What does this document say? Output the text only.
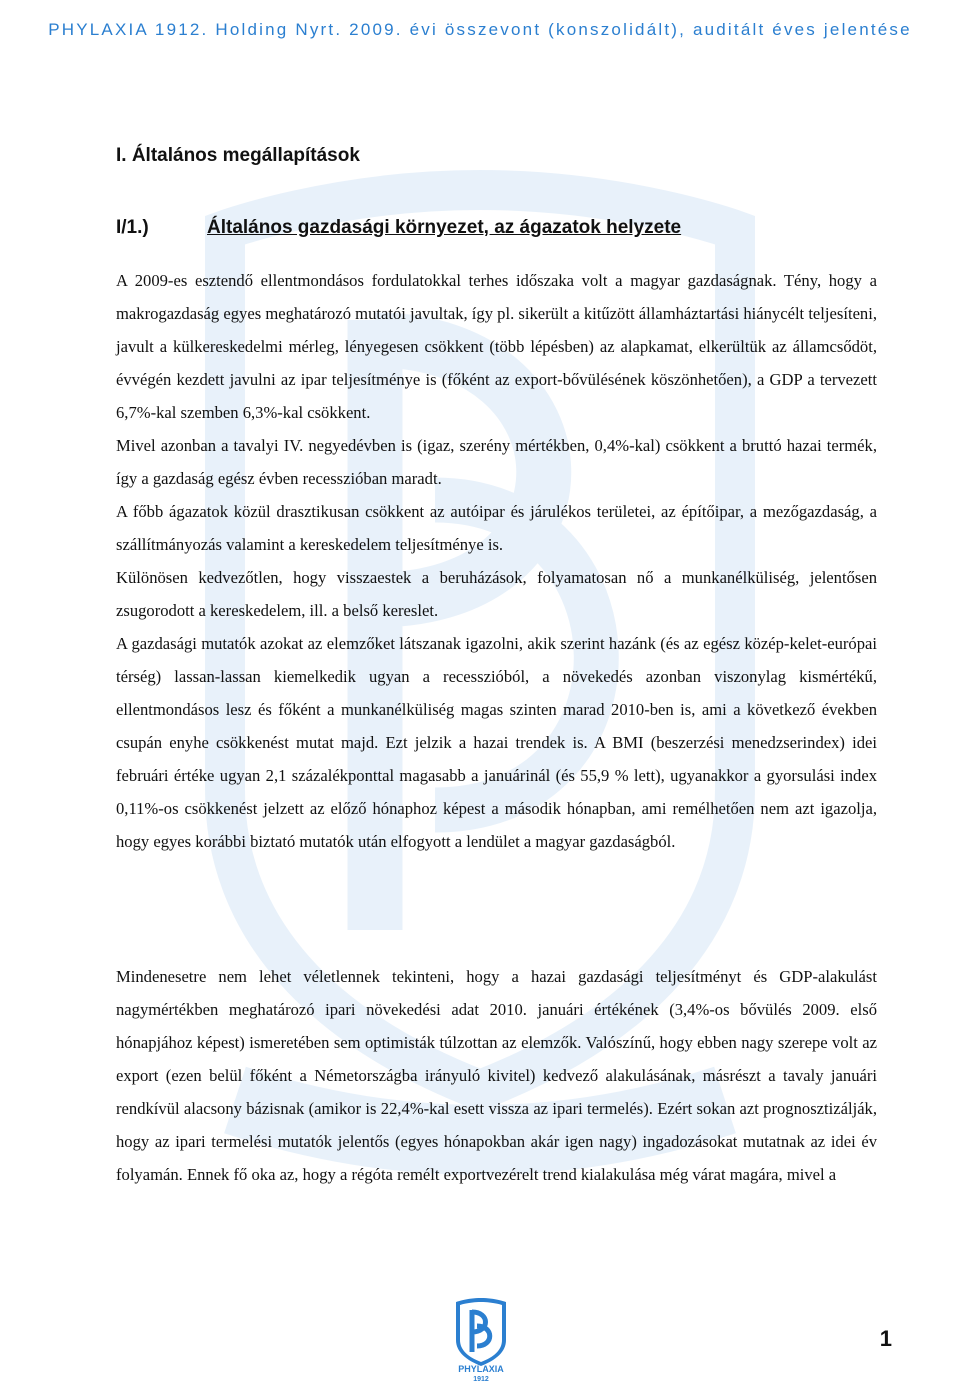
PHYLAXIA 1912. Holding Nyrt. 2009. évi összevont (konszolidált), auditált éves jelentése
I. Általános megállapítások
I/1.)	Általános gazdasági környezet, az ágazatok helyzete

A 2009-es esztendő ellentmondásos fordulatokkal terhes időszaka volt a magyar gazdaságnak. Tény, hogy a makrogazdaság egyes meghatározó mutatói javultak, így pl. sikerült a kitűzött államháztartási hiánycélt teljesíteni, javult a külkereskedelmi mérleg, lényegesen csökkent (több lépésben) az alapkamat, elkerültük az államcsődöt, évvégén kezdett javulni az ipar teljesítménye is (főként az export-bővülésének köszönhetően), a GDP a tervezett 6,7%-kal szemben 6,3%-kal csökkent.

Mivel azonban a tavalyi IV. negyedévben is (igaz, szerény mértékben, 0,4%-kal) csökkent a bruttó hazai termék, így a gazdaság egész évben recesszióban maradt.

A főbb ágazatok közül drasztikusan csökkent az autóipar és járulékos területei, az építőipar, a mezőgazdaság, a szállítmányozás valamint a kereskedelem teljesítménye is.

Különösen kedvezőtlen, hogy visszaestek a beruházások, folyamatosan nő a munkanélküliség, jelentősen zsugorodott a kereskedelem, ill. a belső kereslet.

A gazdasági mutatók azokat az elemzőket látszanak igazolni, akik szerint hazánk (és az egész közép-kelet-európai térség) lassan-lassan kiemelkedik ugyan a recesszióból, a növekedés azonban viszonylag kismértékű, ellentmondásos lesz és főként a munkanélküliség magas szinten marad 2010-ben is, ami a következő években csupán enyhe csökkenést mutat majd. Ezt jelzik a hazai trendek is. A BMI (beszerzési menedzserindex) idei februári értéke ugyan 2,1 százalékponttal magasabb a januárinál (és 55,9 % lett), ugyanakkor a gyorsulási index 0,11%-os csökkenést jelzett az előző hónaphoz képest a második hónapban, ami remélhetően nem azt igazolja, hogy egyes korábbi biztató mutatók után elfogyott a lendület a magyar gazdaságból.

Mindenesetre nem lehet véletlennek tekinteni, hogy a hazai gazdasági teljesítményt és GDP-alakulást nagymértékben meghatározó ipari növekedési adat 2010. januári értékének (3,4%-os bővülés 2009. első hónapjához képest) ismeretében sem optimisták túlzottan az elemzők. Valószínű, hogy ebben nagy szerepe volt az export (ezen belül főként a Németországba irányuló kivitel) kedvező alakulásának, másrészt a tavaly januári rendkívül alacsony bázisnak (amikor is 22,4%-kal esett vissza az ipari termelés). Ezért sokan azt prognosztizálják, hogy az ipari termelési mutatók jelentős (egyes hónapokban akár igen nagy) ingadozásokat mutatnak az idei év folyamán. Ennek fő oka az, hogy a régóta remélt exportvezérelt trend kialakulása még várat magára, mivel a

PHYLAXIA
1912
1
